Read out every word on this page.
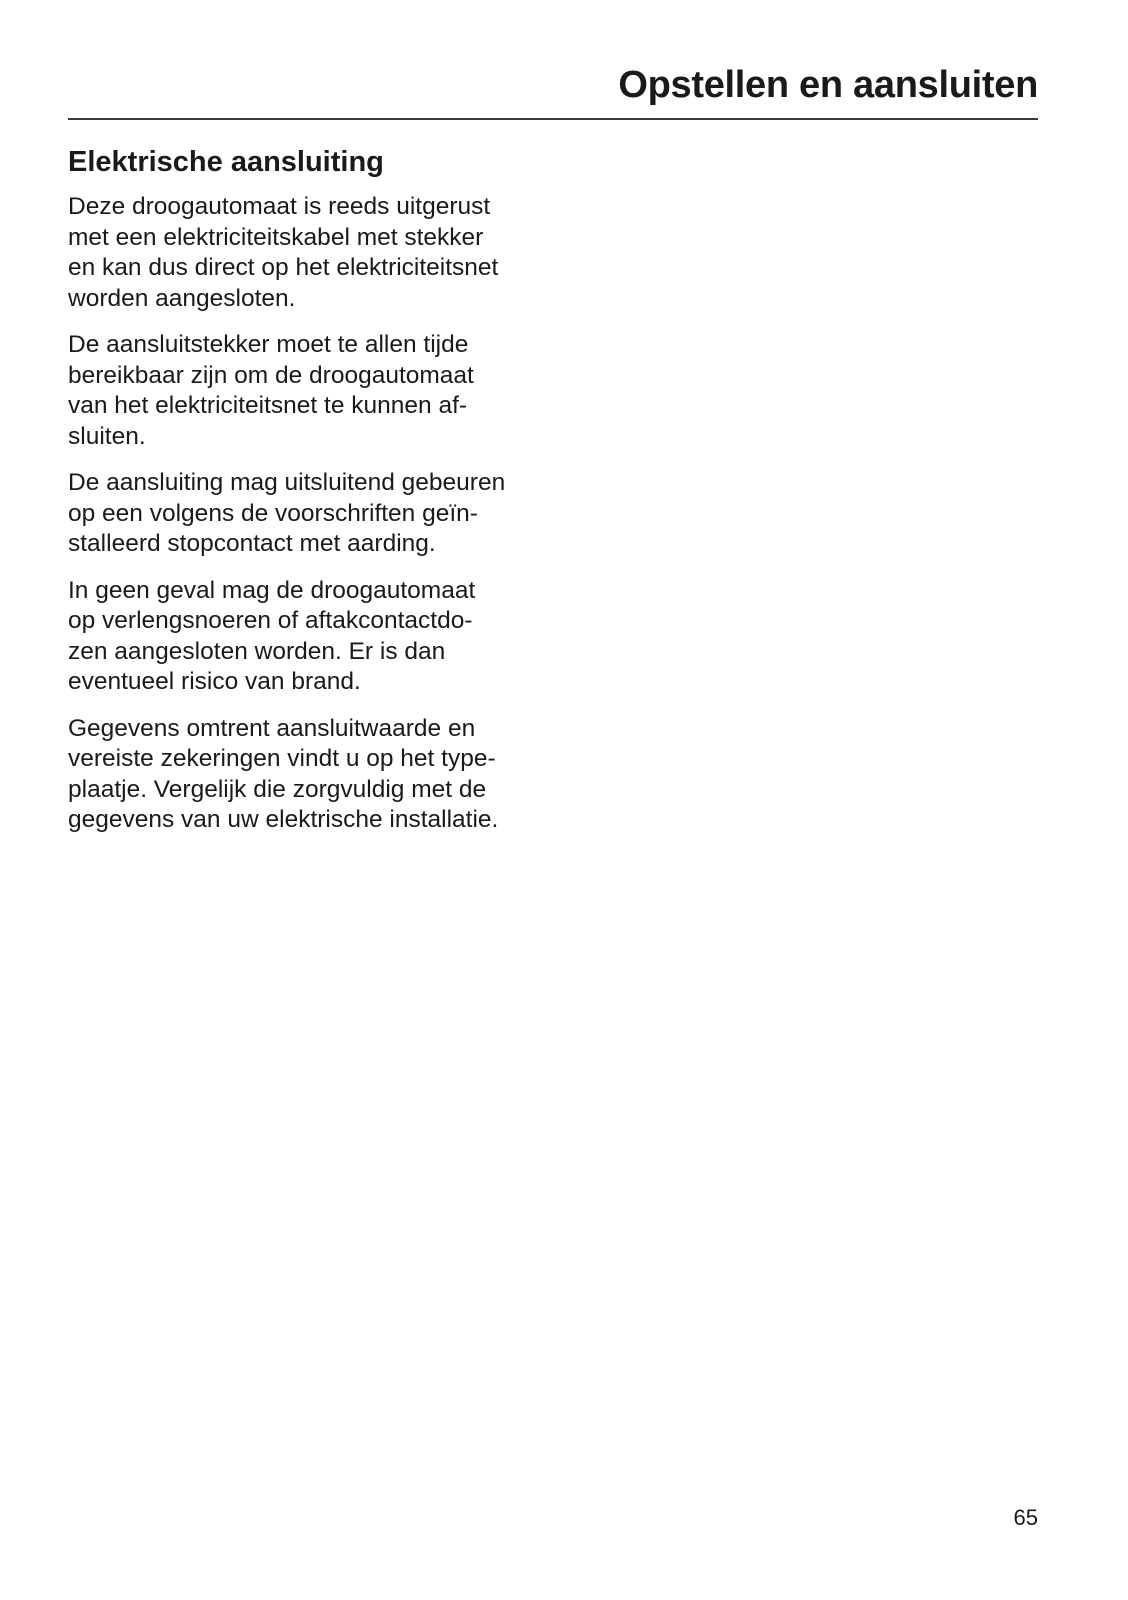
Opstellen en aansluiten
Elektrische aansluiting

Deze droogautomaat is reeds uitgerust
met een elektriciteitskabel met stekker
en kan dus direct op het elektriciteitsnet
worden aangesloten.

De aansluitstekker moet te allen tijde
bereikbaar zijn om de droogautomaat
van het elektriciteitsnet te kunnen af-
sluiten.

De aansluiting mag uitsluitend gebeuren
op een volgens de voorschriften geïn-
stalleerd stopcontact met aarding.

In geen geval mag de droogautomaat
op verlengsnoeren of aftakcontactdo-
zen aangesloten worden. Er is dan
eventueel risico van brand.

Gegevens omtrent aansluitwaarde en
vereiste zekeringen vindt u op het type-
plaatje. Vergelijk die zorgvuldig met de
gegevens van uw elektrische installatie.

65
